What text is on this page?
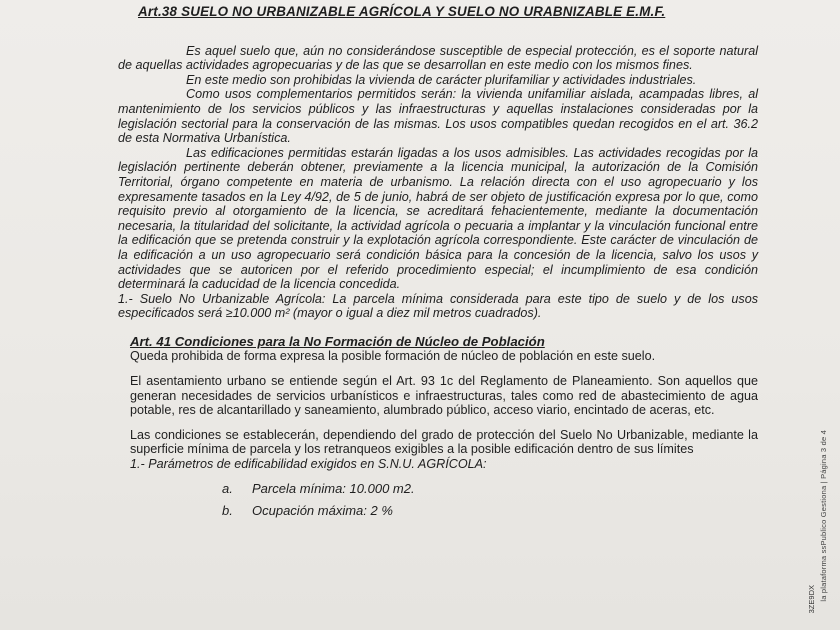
Art.38 SUELO NO URBANIZABLE AGRÍCOLA Y SUELO NO URABNIZABLE E.M.F.

Es aquel suelo que, aún no considerándose susceptible de especial protección, es el soporte natural de aquellas actividades agropecuarias y de las que se desarrollan en este medio con los mismos fines.

En este medio son prohibidas la vivienda de carácter plurifamiliar y actividades industriales.

Como usos complementarios permitidos serán: la vivienda unifamiliar aislada, acampadas libres, al mantenimiento de los servicios públicos y las infraestructuras y aquellas instalaciones consideradas por la legislación sectorial para la conservación de las mismas. Los usos compatibles quedan recogidos en el art. 36.2 de esta Normativa Urbanística.

Las edificaciones permitidas estarán ligadas a los usos admisibles. Las actividades recogidas por la legislación pertinente deberán obtener, previamente a la licencia municipal, la autorización de la Comisión Territorial, órgano competente en materia de urbanismo. La relación directa con el uso agropecuario y los expresamente tasados en la Ley 4/92, de 5 de junio, habrá de ser objeto de justificación expresa por lo que, como requisito previo al otorgamiento de la licencia, se acreditará fehacientemente, mediante la documentación necesaria, la titularidad del solicitante, la actividad agrícola o pecuaria a implantar y la vinculación funcional entre la edificación que se pretenda construir y la explotación agrícola correspondiente. Este carácter de vinculación de la edificación a un uso agropecuario será condición básica para la concesión de la licencia, salvo los usos y actividades que se autoricen por el referido procedimiento especial; el incumplimiento de esa condición determinará la caducidad de la licencia concedida.

1.- Suelo No Urbanizable Agrícola: La parcela mínima considerada para este tipo de suelo y de los usos especificados será ≥10.000 m² (mayor o igual a diez mil metros cuadrados).

Art. 41 Condiciones para la No Formación de Núcleo de Población

Queda prohibida de forma expresa la posible formación de núcleo de población en este suelo.

El asentamiento urbano se entiende según el Art. 93 1c del Reglamento de Planeamiento. Son aquellos que generan necesidades de servicios urbanísticos e infraestructuras, tales como red de abastecimiento de agua potable, res de alcantarillado y saneamiento, alumbrado público, acceso viario, encintado de aceras, etc.

Las condiciones se establecerán, dependiendo del grado de protección del Suelo No Urbanizable, mediante la superficie mínima de parcela y los retranqueos exigibles a la posible edificación dentro de sus límites

1.- Parámetros de edificabilidad exigidos en S.N.U. AGRÍCOLA:

a. Parcela mínima: 10.000 m2.
b. Ocupación máxima: 2 %	la plataforma ssPublico Gestiona | Página 3 de 4
3ZE9DX
